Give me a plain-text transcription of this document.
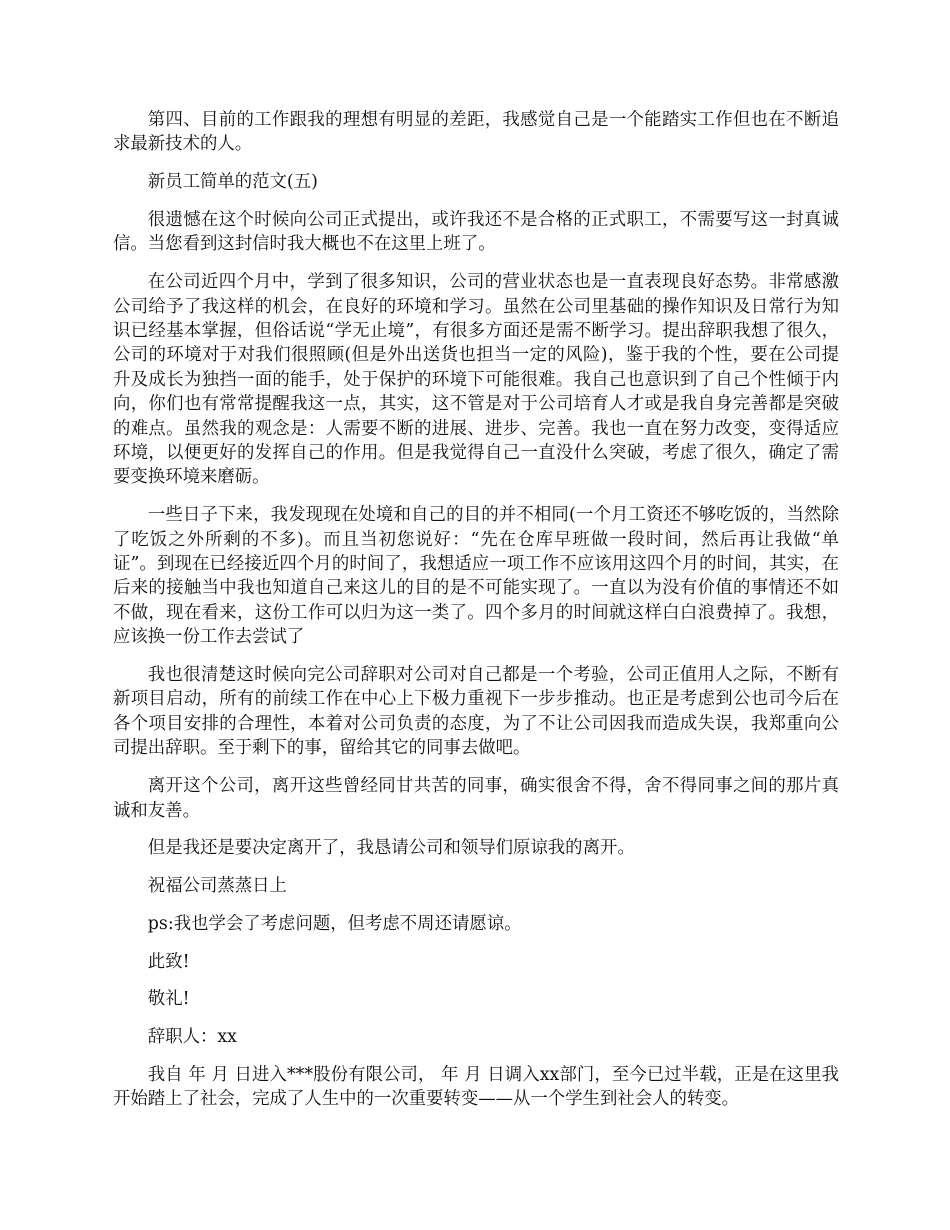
第四、目前的工作跟我的理想有明显的差距，我感觉自己是一个能踏实工作但也在不断追求最新技术的人。

新员工简单的范文(五)

很遗憾在这个时候向公司正式提出，或许我还不是合格的正式职工，不需要写这一封真诚信。当您看到这封信时我大概也不在这里上班了。

在公司近四个月中，学到了很多知识，公司的营业状态也是一直表现良好态势。非常感激公司给予了我这样的机会，在良好的环境和学习。虽然在公司里基础的操作知识及日常行为知识已经基本掌握，但俗话说“学无止境”，有很多方面还是需不断学习。提出辞职我想了很久，公司的环境对于对我们很照顾(但是外出送货也担当一定的风险)，鉴于我的个性，要在公司提升及成长为独挡一面的能手，处于保护的环境下可能很难。我自己也意识到了自己个性倾于内向，你们也有常常提醒我这一点，其实，这不管是对于公司培育人才或是我自身完善都是突破的难点。虽然我的观念是：人需要不断的进展、进步、完善。我也一直在努力改变，变得适应环境，以便更好的发挥自己的作用。但是我觉得自己一直没什么突破，考虑了很久，确定了需要变换环境来磨砺。

一些日子下来，我发现现在处境和自己的目的并不相同(一个月工资还不够吃饭的，当然除了吃饭之外所剩的不多)。而且当初您说好：“先在仓库早班做一段时间，然后再让我做“单证”。到现在已经接近四个月的时间了，我想适应一项工作不应该用这四个月的时间，其实，在后来的接触当中我也知道自己来这儿的目的是不可能实现了。一直以为没有价值的事情还不如不做，现在看来，这份工作可以归为这一类了。四个多月的时间就这样白白浪费掉了。我想，应该换一份工作去尝试了

我也很清楚这时候向完公司辞职对公司对自己都是一个考验，公司正值用人之际，不断有新项目启动，所有的前续工作在中心上下极力重视下一步步推动。也正是考虑到公也司今后在各个项目安排的合理性，本着对公司负责的态度，为了不让公司因我而造成失误，我郑重向公司提出辞职。至于剩下的事，留给其它的同事去做吧。

离开这个公司，离开这些曾经同甘共苦的同事，确实很舍不得，舍不得同事之间的那片真诚和友善。

但是我还是要决定离开了，我恳请公司和领导们原谅我的离开。

祝福公司蒸蒸日上

ps:我也学会了考虑问题，但考虑不周还请愿谅。

此致!

敬礼!

辞职人：xx

我自 年 月 日进入***股份有限公司， 年 月 日调入xx部门，至今已过半载，正是在这里我开始踏上了社会，完成了人生中的一次重要转变——从一个学生到社会人的转变。
